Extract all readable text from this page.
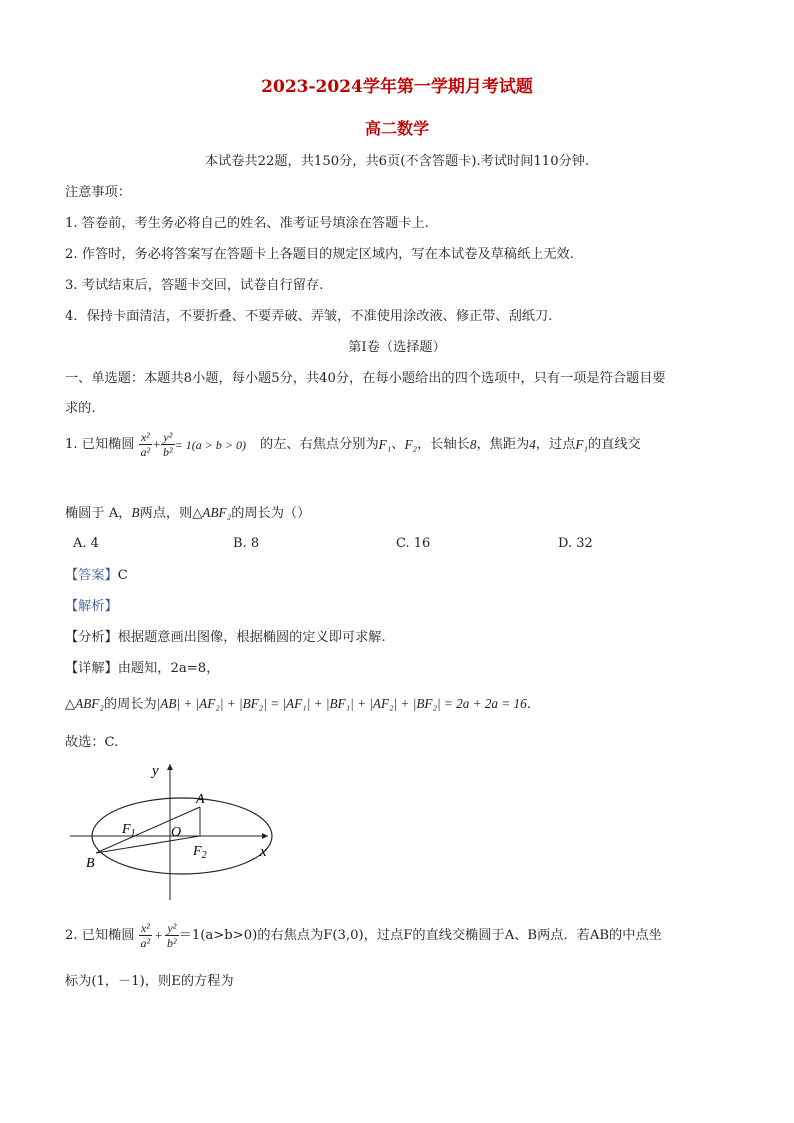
2023-2024学年第一学期月考试题
高二数学
本试卷共22题，共150分，共6页(不含答题卡).考试时间110分钟.
注意事项：
1. 答卷前，考生务必将自己的姓名、准考证号填涂在答题卡上.
2. 作答时，务必将答案写在答题卡上各题目的规定区域内，写在本试卷及草稿纸上无效.
3. 考试结束后，答题卡交回，试卷自行留存.
4．保持卡面清洁，不要折叠、不要弄破、弄皱，不准使用涂改液、修正带、刮纸刀.
第I卷（选择题）
一、单选题：本题共8小题，每小题5分，共40分，在每小题给出的四个选项中，只有一项是符合题目要
求的.
1. 已知椭圆 $\frac{\text{x²}}{\text{a²}} + \frac{\text{y²}}{\text{b²}} = 1(a > b > 0)$ 的左、右焦点分别为 F₁ 、 F₂ ，长轴长 8 ，焦距为 4 ，过点 F₁ 的直线交
椭圆于 A，B两点，则△ABF₂的周长为（）
A. 4	B. 8	C. 16	D. 32
【答案】C
【解析】
【分析】根据题意画出图像，根据椭圆的定义即可求解.
【详解】由题知，2a=8，
△ABF₂的周长为|AB| + |AF₂| + |BF₂| = |AF₁| + |BF₁| + |AF₂| + |BF₂| = 2a + 2a = 16.
故选：C.
y
x
A
B
O
$F_1$
$F_2$
2. 已知椭圆 $\frac{\text{x²}}{\text{a²}} + \frac{\text{y²}}{\text{b²}} =1(a>b>0)$的右焦点为F(3,0)，过点F的直线交椭圆于A、B两点．若AB的中点坐
标为(1，－1)，则E的方程为
